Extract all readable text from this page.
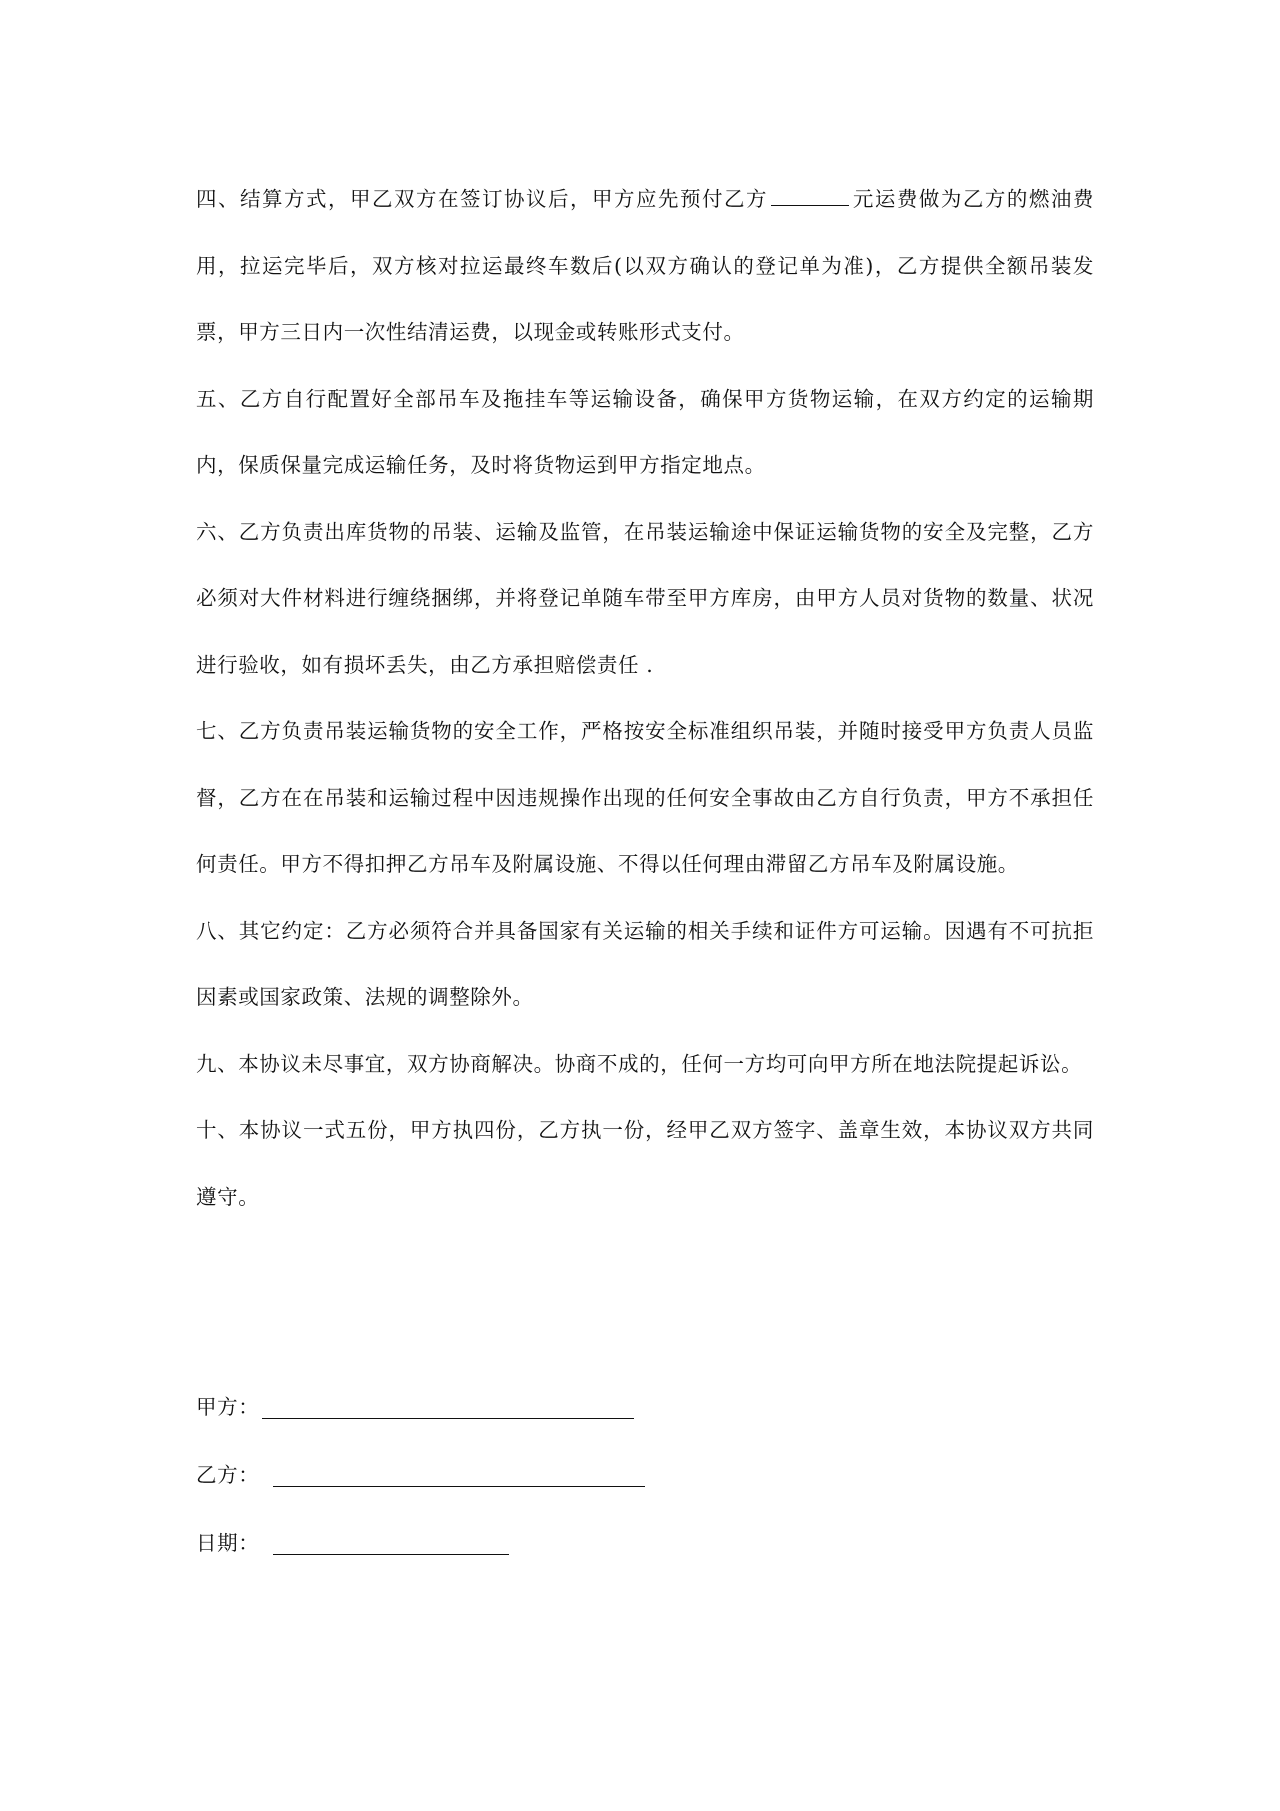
四、结算方式，甲乙双方在签订协议后，甲方应先预付乙方	元运费做为乙方的燃油费用，拉运完毕后，双方核对拉运最终车数后(以双方确认的登记单为准)，乙方提供全额吊装发票，甲方三日内一次性结清运费，以现金或转账形式支付。

五、乙方自行配置好全部吊车及拖挂车等运输设备，确保甲方货物运输，在双方约定的运输期内，保质保量完成运输任务，及时将货物运到甲方指定地点。

六、乙方负责出库货物的吊装、运输及监管，在吊装运输途中保证运输货物的安全及完整，乙方必须对大件材料进行缠绕捆绑，并将登记单随车带至甲方库房，由甲方人员对货物的数量、状况进行验收，如有损坏丢失，由乙方承担赔偿责任 .

七、乙方负责吊装运输货物的安全工作，严格按安全标准组织吊装，并随时接受甲方负责人员监督，乙方在在吊装和运输过程中因违规操作出现的任何安全事故由乙方自行负责，甲方不承担任何责任。甲方不得扣押乙方吊车及附属设施、不得以任何理由滞留乙方吊车及附属设施。

八、其它约定：乙方必须符合并具备国家有关运输的相关手续和证件方可运输。因遇有不可抗拒因素或国家政策、法规的调整除外。

九、本协议未尽事宜，双方协商解决。协商不成的，任何一方均可向甲方所在地法院提起诉讼。

十、本协议一式五份，甲方执四份，乙方执一份，经甲乙双方签字、盖章生效，本协议双方共同遵守。

甲方：
乙方：
日期：
